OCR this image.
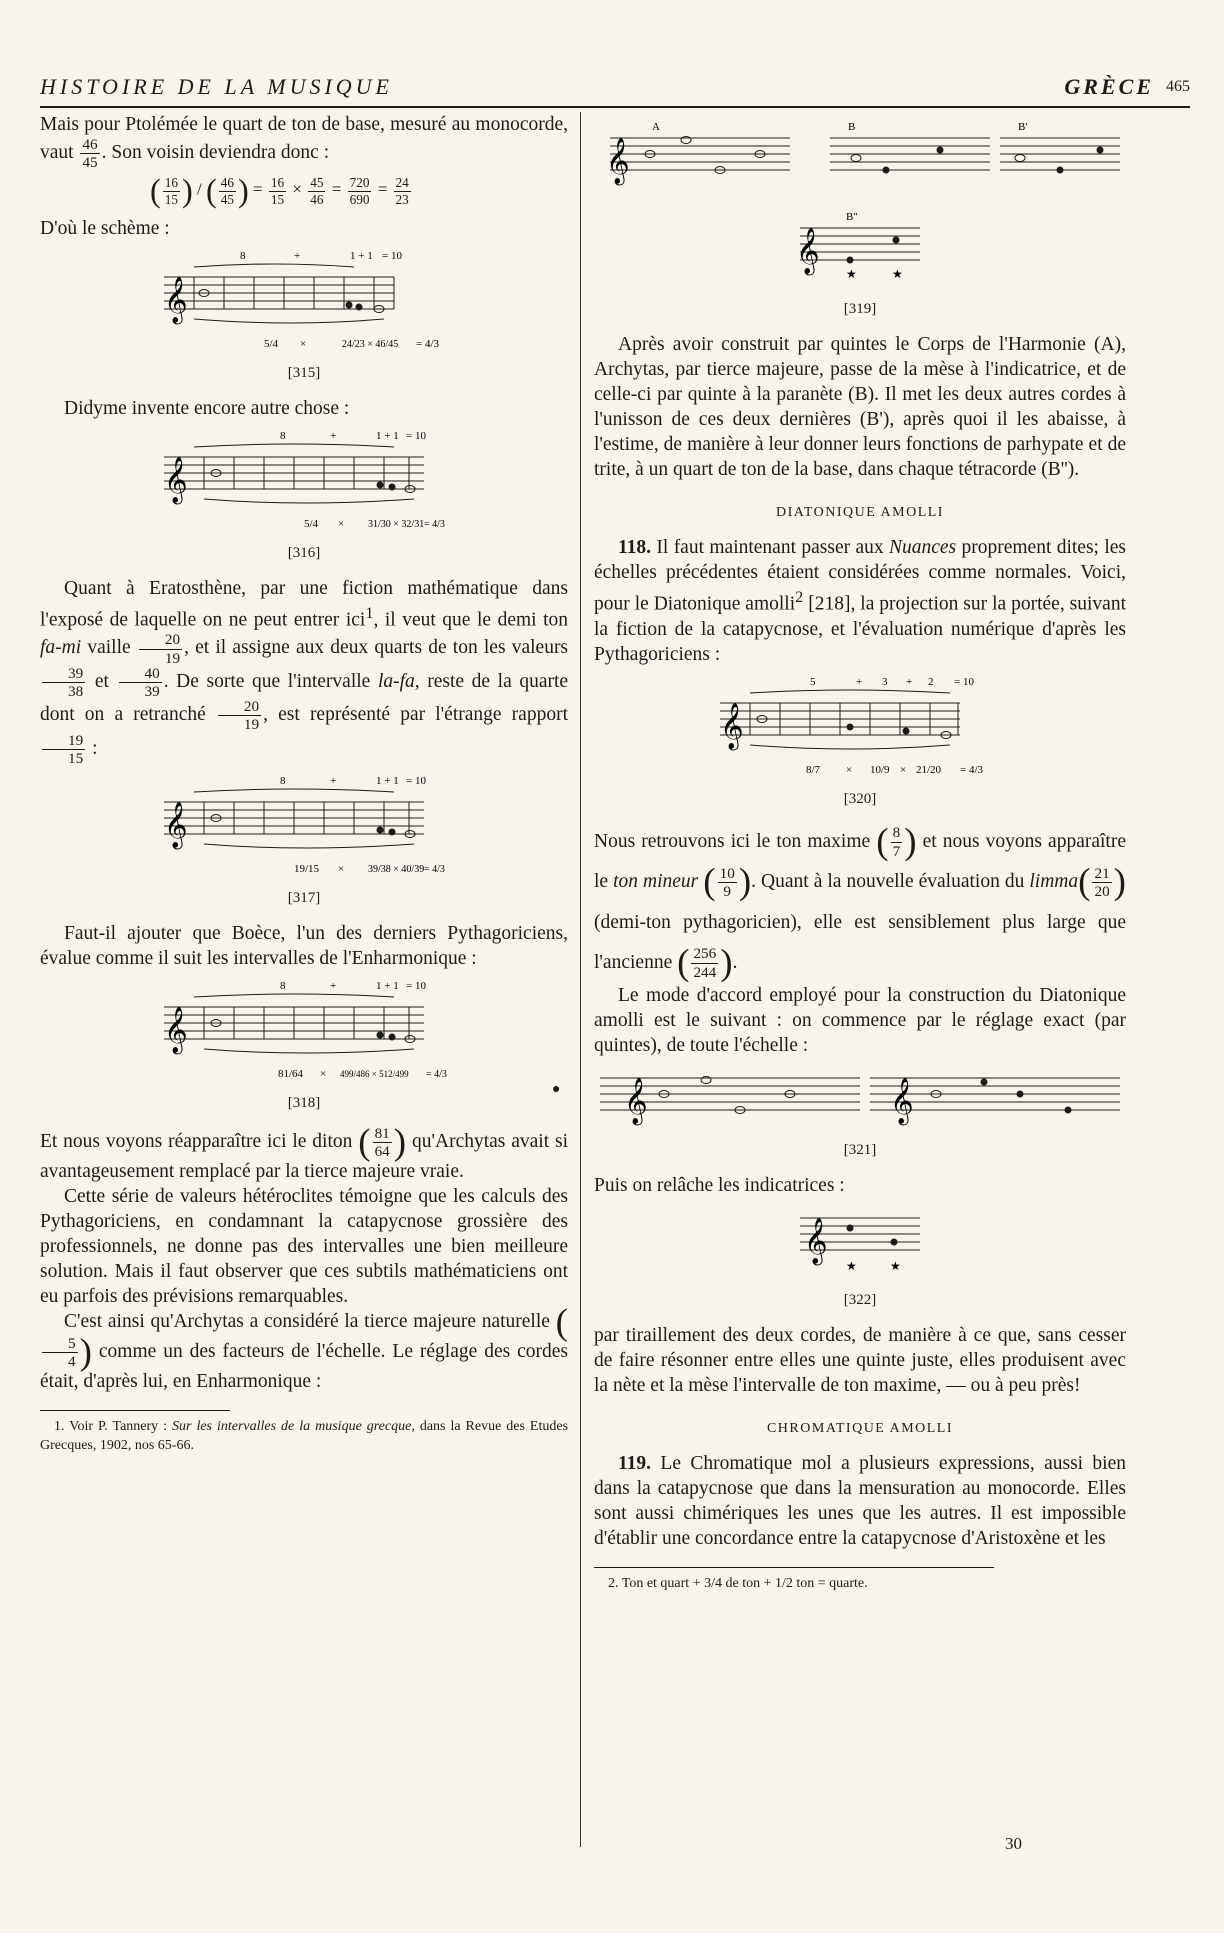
HISTOIRE DE LA MUSIQUE	GRÈCE 465

Mais pour Ptolémée le quart de ton de base, mesuré au monocorde, vaut $\frac{46}{45}$ . Son voisin deviendra donc :

( $\frac{16}{15}$ ) / ( $\frac{46}{45}$ ) = $\frac{16}{15} \times \frac{45}{46} = \frac{720}{690} = \frac{24}{23}$

D'où le schème :

8	+	1 + 1 = 10
𝄞
5/4 ×	24/23 × 46/45 = 4/3
[315]

Didyme invente encore autre chose :

8	+	1 + 1 = 10
𝄞
5/4 × 31/30 × 32/31 = 4/3
[316]

Quant à Eratosthène, par une fiction mathématique dans l'exposé de laquelle on ne peut entrer ici$^1$, il veut que le demi ton fa-mi vaille $\frac{20}{19}$ , et il assigne aux deux quarts de ton les valeurs
$\frac{39}{38}$ et $\frac{40}{39}$ . De sorte que l'intervalle la-fa, reste de la quarte dont on a retranché $\frac{20}{19}$ , est représenté par l'étrange rapport
$\frac{19}{15}$ :

8	+	1 + 1 = 10
𝄞
19/15 × 39/38 × 40/39 = 4/3
[317]

Faut-il ajouter que Boèce, l'un des derniers Pythagoriciens, évalue comme il suit les intervalles de l'Enharmonique :

8	+	1 + 1 = 10
𝄞
81/64 × 499/486 × 512/499 = 4/3
[318]

Et nous voyons réapparaître ici le diton ( $\frac{81}{64}$ ) qu'Archytas avait si avantageusement remplacé par la tierce majeure vraie.

Cette série de valeurs hétéroclites témoigne que les calculs des Pythagoriciens, en condamnant la catapycnose grossière des professionnels, ne donne pas des intervalles une bien meilleure solution. Mais il faut observer que ces subtils mathématiciens ont eu parfois des prévisions remarquables.

C'est ainsi qu'Archytas a considéré la tierce majeure naturelle (
$\frac{5}{4}$ ) comme un des facteurs de l'échelle. Le réglage des cordes était, d'après lui, en Enharmonique :

1. Voir P. Tannery : Sur les intervalles de la musique grecque, dans la Revue des Etudes Grecques, 1902, nos 65-66.

●
A	B	B'
𝄞
B''
𝄞
★	★
[319]

Après avoir construit par quintes le Corps de l'Harmonie (A), Archytas, par tierce majeure, passe de la mèse à l'indicatrice, et de celle-ci par quinte à la paranète (B). Il met les deux autres cordes à l'unisson de ces deux dernières (B'), après quoi il les abaisse, à l'estime, de manière à leur donner leurs fonctions de parhypate et de trite, à un quart de ton de la base, dans chaque tétracorde (B'').

DIATONIQUE AMOLLI

118. Il faut maintenant passer aux Nuances proprement dites; les échelles précédentes étaient considérées comme normales. Voici, pour le Diatonique amolli$^2$ [218], la projection sur la portée, suivant la fiction de la catapycnose, et l'évaluation numérique d'après les Pythagoriciens :

5	+ 3 + 2 = 10
𝄞
8/7 × 10/9 × 21/20 = 4/3
[320]

Nous retrouvons ici le ton maxime ( $\frac{8}{7}$ ) et nous voyons apparaître le ton mineur ( $\frac{10}{9}$ ). Quant à la nouvelle évaluation du limma( $\frac{21}{20}$ )(demi-ton pythagoricien), elle est sensiblement plus large que l'ancienne ( $\frac{256}{244}$ ).

Le mode d'accord employé pour la construction du Diatonique amolli est le suivant : on commence par le réglage exact (par quintes), de toute l'échelle :

𝄞	𝄞
[321]

Puis on relâche les indicatrices :

𝄞
★	★
[322]

par tiraillement des deux cordes, de manière à ce que, sans cesser de faire résonner entre elles une quinte juste, elles produisent avec la nète et la mèse l'intervalle de ton maxime, — ou à peu près!

CHROMATIQUE AMOLLI

119. Le Chromatique mol a plusieurs expressions, aussi bien dans la catapycnose que dans la mensuration au monocorde. Elles sont aussi chimériques les unes que les autres. Il est impossible d'établir une concordance entre la catapycnose d'Aristoxène et les

2. Ton et quart + 3/4 de ton + 1/2 ton = quarte.

30
